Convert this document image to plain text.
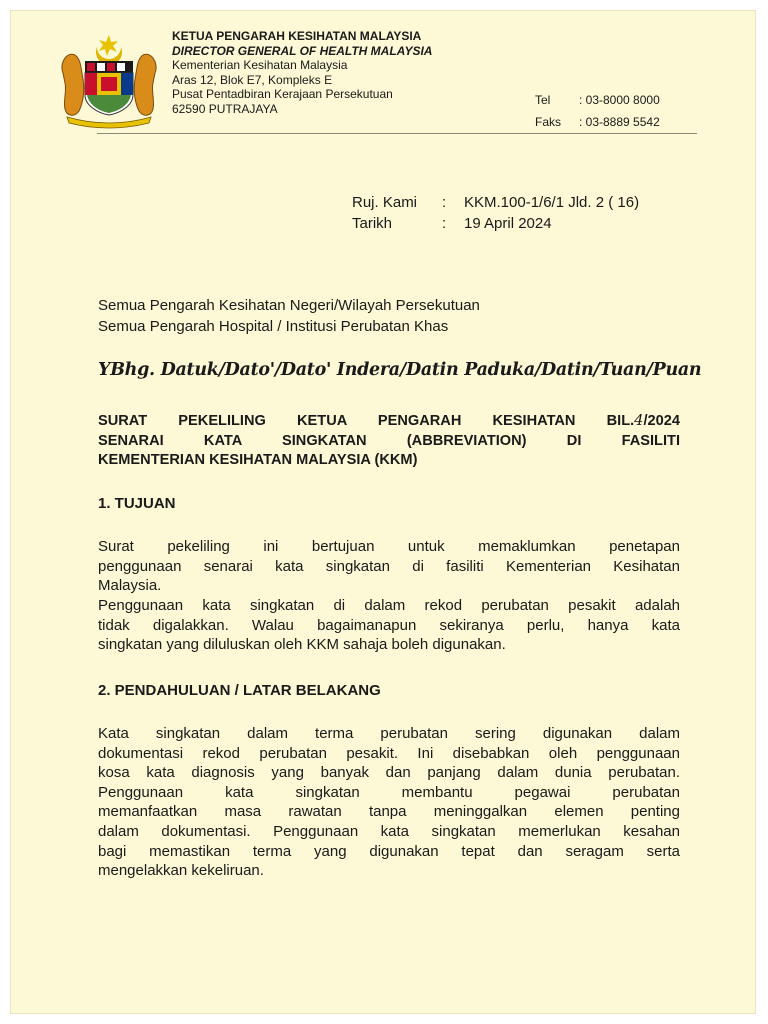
KETUA PENGARAH KESIHATAN MALAYSIA
DIRECTOR GENERAL OF HEALTH MALAYSIA
Kementerian Kesihatan Malaysia
Aras 12, Blok E7, Kompleks E
Pusat Pentadbiran Kerajaan Persekutuan
62590 PUTRAJAYA
Tel	: 03-8000 8000
Faks	: 03-8889 5542
Ruj. Kami	:	KKM.100-1/6/1 Jld. 2 ( 16)
Tarikh	:	19 April 2024
Semua Pengarah Kesihatan Negeri/Wilayah Persekutuan
Semua Pengarah Hospital / Institusi Perubatan Khas
YBhg. Datuk/Dato'/Dato' Indera/Datin Paduka/Datin/Tuan/Puan
SURAT PEKELILING KETUA PENGARAH KESIHATAN BIL.4/2024
SENARAI KATA SINGKATAN (ABBREVIATION) DI FASILITI
KEMENTERIAN KESIHATAN MALAYSIA (KKM)
1. TUJUAN
Surat pekeliling ini bertujuan untuk memaklumkan penetapan
penggunaan senarai kata singkatan di fasiliti Kementerian Kesihatan
Malaysia.
Penggunaan kata singkatan di dalam rekod perubatan pesakit adalah
tidak digalakkan. Walau bagaimanapun sekiranya perlu, hanya kata
singkatan yang diluluskan oleh KKM sahaja boleh digunakan.
2. PENDAHULUAN / LATAR BELAKANG
Kata singkatan dalam terma perubatan sering digunakan dalam
dokumentasi rekod perubatan pesakit. Ini disebabkan oleh penggunaan
kosa kata diagnosis yang banyak dan panjang dalam dunia perubatan.
Penggunaan kata singkatan membantu pegawai perubatan
memanfaatkan masa rawatan tanpa meninggalkan elemen penting
dalam dokumentasi. Penggunaan kata singkatan memerlukan kesahan
bagi memastikan terma yang digunakan tepat dan seragam serta
mengelakkan kekeliruan.
